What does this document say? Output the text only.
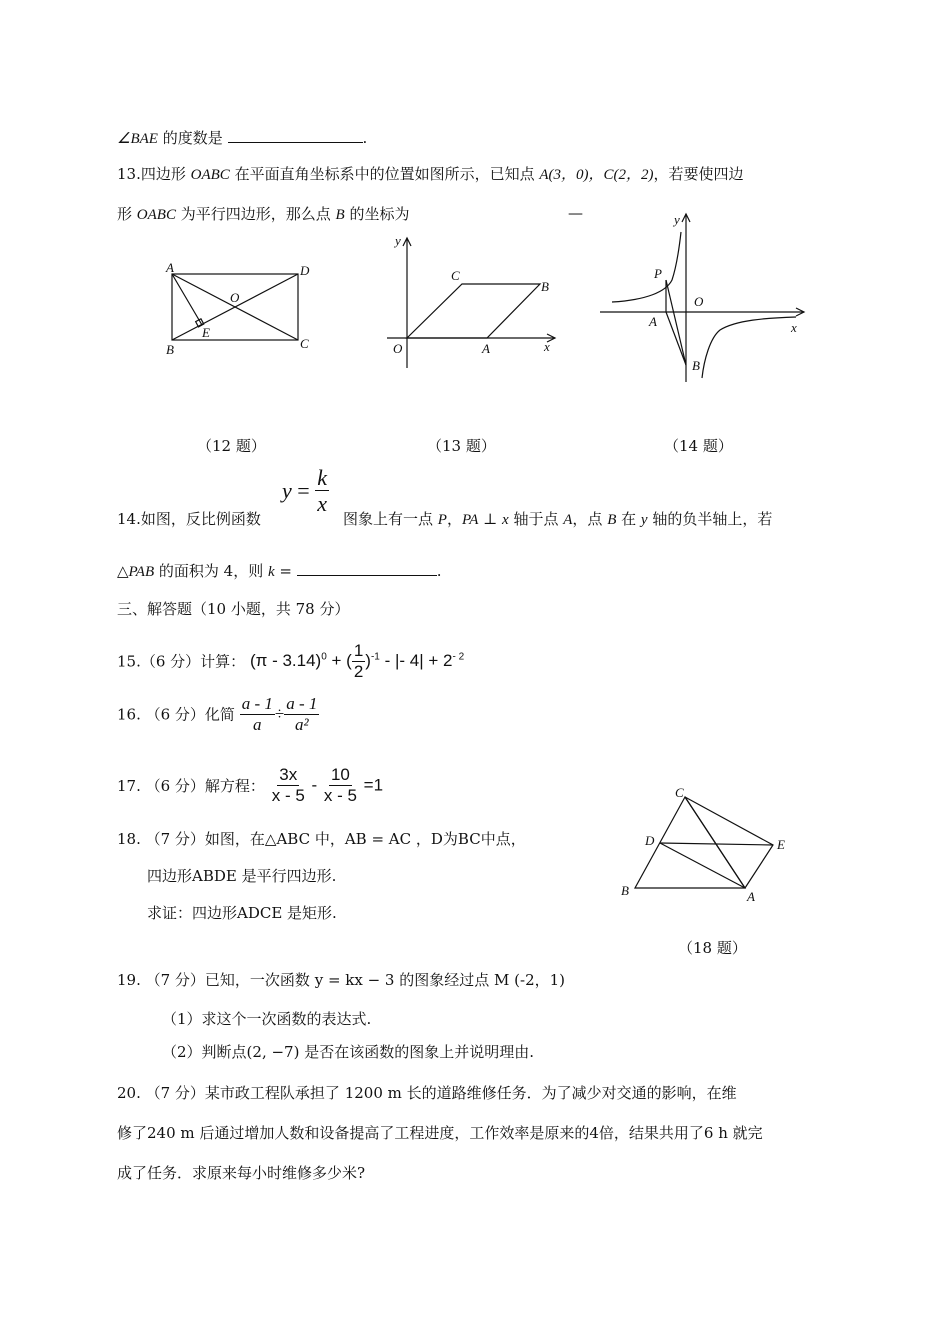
∠BAE 的度数是	.
13.四边形 OABC 在平面直角坐标系中的位置如图所示，已知点 A(3，0)，C(2，2)，若要使四边
形 OABC 为平行四边形，那么点 B 的坐标为	—
A	D
B	C
O
E
y
x
O	A
B
C
y
x
O
P
A
B
（12 题）	（13 题）	（14 题）
14.如图，反比例函数
$y = \frac{k}{x}$
图象上有一点 P，PA ⊥ x 轴于点 A，点 B 在 y 轴的负半轴上，若
△PAB 的面积为 4，则 k =	.
三、解答题（10 小题，共 78 分）
15.（6 分）计算： (π - 3.14)$^0$ + ( $\frac{1}{2} )^{-1}$ - |- $4| + 2^{- 2}$
16. （6 分）化简 $\frac{a - 1}{a} \div \frac{a - 1}{\text{a²}}$
17. （6 分）解方程： $\frac{3x}{x - 5} - \frac{10}{x - 5} =1$
18. （7 分）如图，在△ABC 中，AB = AC ，D为BC中点，
四边形ABDE 是平行四边形.
求证：四边形ADCE 是矩形.
C
D	E
B	A
（18 题）
19. （7 分）已知，一次函数 y = kx − 3 的图象经过点 M (-2，1)
（1）求这个一次函数的表达式.
（2）判断点(2, −7) 是否在该函数的图象上并说明理由.
20. （7 分）某市政工程队承担了 1200 m 长的道路维修任务．为了减少对交通的影响，在维
修了240 m 后通过增加人数和设备提高了工程进度，工作效率是原来的4倍，结果共用了6 h 就完
成了任务．求原来每小时维修多少米?
